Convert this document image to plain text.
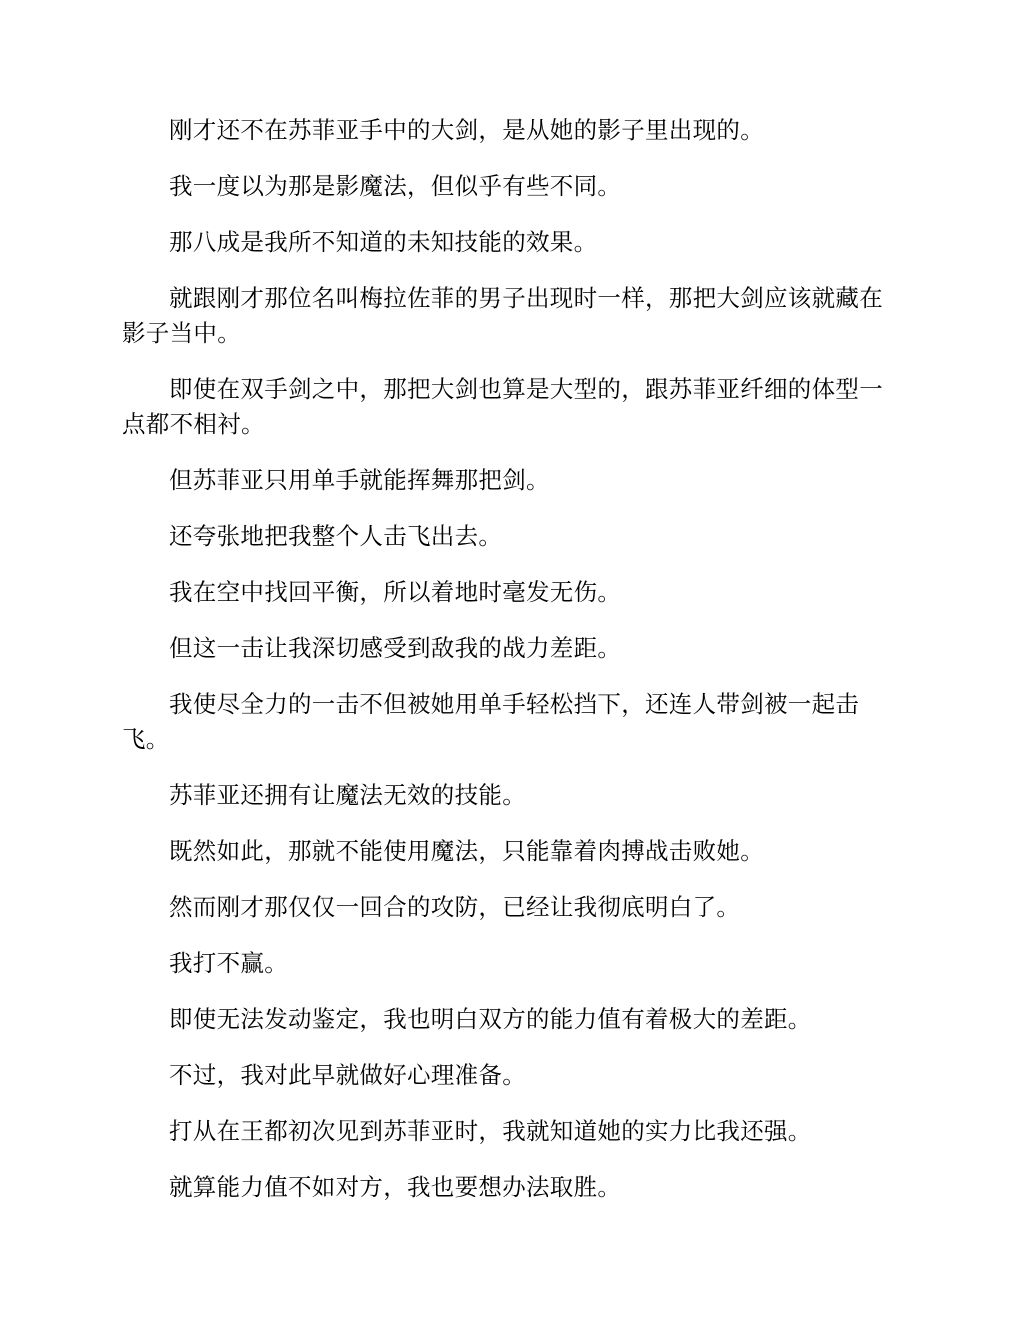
刚才还不在苏菲亚手中的大剑，是从她的影子里出现的。

我一度以为那是影魔法，但似乎有些不同。

那八成是我所不知道的未知技能的效果。

就跟刚才那位名叫梅拉佐菲的男子出现时一样，那把大剑应该就藏在影子当中。

即使在双手剑之中，那把大剑也算是大型的，跟苏菲亚纤细的体型一点都不相衬。

但苏菲亚只用单手就能挥舞那把剑。

还夸张地把我整个人击飞出去。

我在空中找回平衡，所以着地时毫发无伤。

但这一击让我深切感受到敌我的战力差距。

我使尽全力的一击不但被她用单手轻松挡下，还连人带剑被一起击飞。

苏菲亚还拥有让魔法无效的技能。

既然如此，那就不能使用魔法，只能靠着肉搏战击败她。

然而刚才那仅仅一回合的攻防，已经让我彻底明白了。

我打不赢。

即使无法发动鉴定，我也明白双方的能力值有着极大的差距。

不过，我对此早就做好心理准备。

打从在王都初次见到苏菲亚时，我就知道她的实力比我还强。

就算能力值不如对方，我也要想办法取胜。
